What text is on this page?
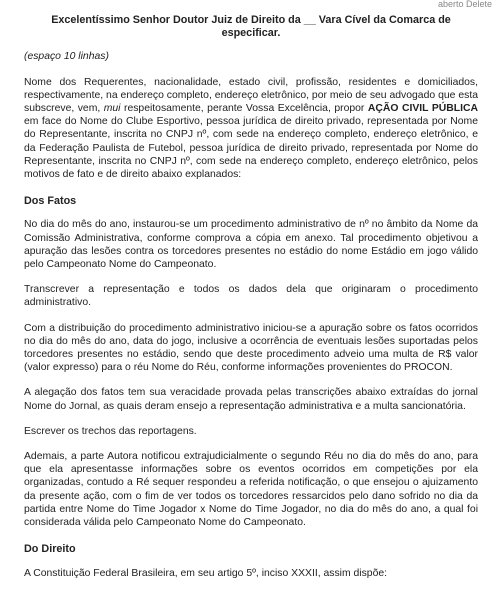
aberto Delete
Excelentíssimo Senhor Doutor Juiz de Direito da __ Vara Cível da Comarca de especificar.

(espaço 10 linhas)

Nome dos Requerentes, nacionalidade, estado civil, profissão, residentes e domiciliados, respectivamente, na endereço completo, endereço eletrônico, por meio de seu advogado que esta subscreve, vem, mui respeitosamente, perante Vossa Excelência, propor AÇÃO CIVIL PÚBLICA em face do Nome do Clube Esportivo, pessoa jurídica de direito privado, representada por Nome do Representante, inscrita no CNPJ nº, com sede na endereço completo, endereço eletrônico, e da Federação Paulista de Futebol, pessoa jurídica de direito privado, representada por Nome do Representante, inscrita no CNPJ nº, com sede na endereço completo, endereço eletrônico, pelos motivos de fato e de direito abaixo explanados:

Dos Fatos

No dia do mês do ano, instaurou-se um procedimento administrativo de nº no âmbito da Nome da Comissão Administrativa, conforme comprova a cópia em anexo. Tal procedimento objetivou a apuração das lesões contra os torcedores presentes no estádio do nome Estádio em jogo válido pelo Campeonato Nome do Campeonato.

Transcrever a representação e todos os dados dela que originaram o procedimento administrativo.

Com a distribuição do procedimento administrativo iniciou-se a apuração sobre os fatos ocorridos no dia do mês do ano, data do jogo, inclusive a ocorrência de eventuais lesões suportadas pelos torcedores presentes no estádio, sendo que deste procedimento adveio uma multa de R$ valor (valor expresso) para o réu Nome do Réu, conforme informações provenientes do PROCON.

A alegação dos fatos tem sua veracidade provada pelas transcrições abaixo extraídas do jornal Nome do Jornal, as quais deram ensejo a representação administrativa e a multa sancionatória.

Escrever os trechos das reportagens.

Ademais, a parte Autora notificou extrajudicialmente o segundo Réu no dia do mês do ano, para que ela apresentasse informações sobre os eventos ocorridos em competições por ela organizadas, contudo a Ré sequer respondeu a referida notificação, o que ensejou o ajuizamento da presente ação, com o fim de ver todos os torcedores ressarcidos pelo dano sofrido no dia da partida entre Nome do Time Jogador x Nome do Time Jogador, no dia do mês do ano, a qual foi considerada válida pelo Campeonato Nome do Campeonato.

Do Direito

A Constituição Federal Brasileira, em seu artigo 5º, inciso XXXII, assim dispõe:
